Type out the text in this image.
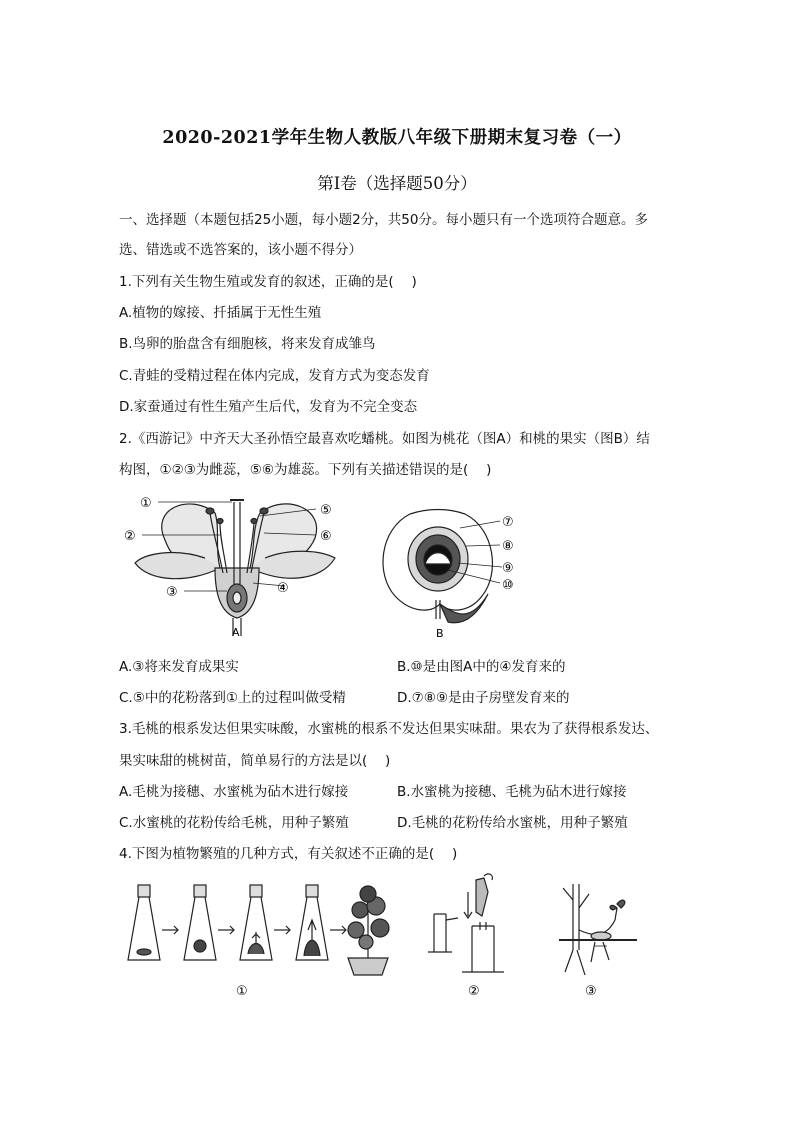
2020-2021学年生物人教版八年级下册期末复习卷（一）
第Ⅰ卷（选择题50分）
一、选择题（本题包括25小题，每小题2分，共50分。每小题只有一个选项符合题意。多
选、错选或不选答案的，该小题不得分）
1.下列有关生物生殖或发育的叙述，正确的是(　 )
A.植物的嫁接、扦插属于无性生殖
B.鸟卵的胎盘含有细胞核，将来发育成雏鸟
C.青蛙的受精过程在体内完成，发育方式为变态发育
D.家蚕通过有性生殖产生后代，发育为不完全变态
2.《西游记》中齐天大圣孙悟空最喜欢吃蟠桃。如图为桃花（图A）和桃的果实（图B）结
构图，①②③为雌蕊，⑤⑥为雄蕊。下列有关描述错误的是(　 )
①
②
③	④
⑤
⑥
A
⑦
⑧
⑨
⑩
B
A.③将来发育成果实	B.⑩是由图A中的④发育来的
C.⑤中的花粉落到①上的过程叫做受精	D.⑦⑧⑨是由子房壁发育来的
3.毛桃的根系发达但果实味酸，水蜜桃的根系不发达但果实味甜。果农为了获得根系发达、
果实味甜的桃树苗，简单易行的方法是以(　 )
A.毛桃为接穗、水蜜桃为砧木进行嫁接	B.水蜜桃为接穗、毛桃为砧木进行嫁接
C.水蜜桃的花粉传给毛桃，用种子繁殖	D.毛桃的花粉传给水蜜桃，用种子繁殖
4.下图为植物繁殖的几种方式，有关叙述不正确的是(　 )
①	②	③
